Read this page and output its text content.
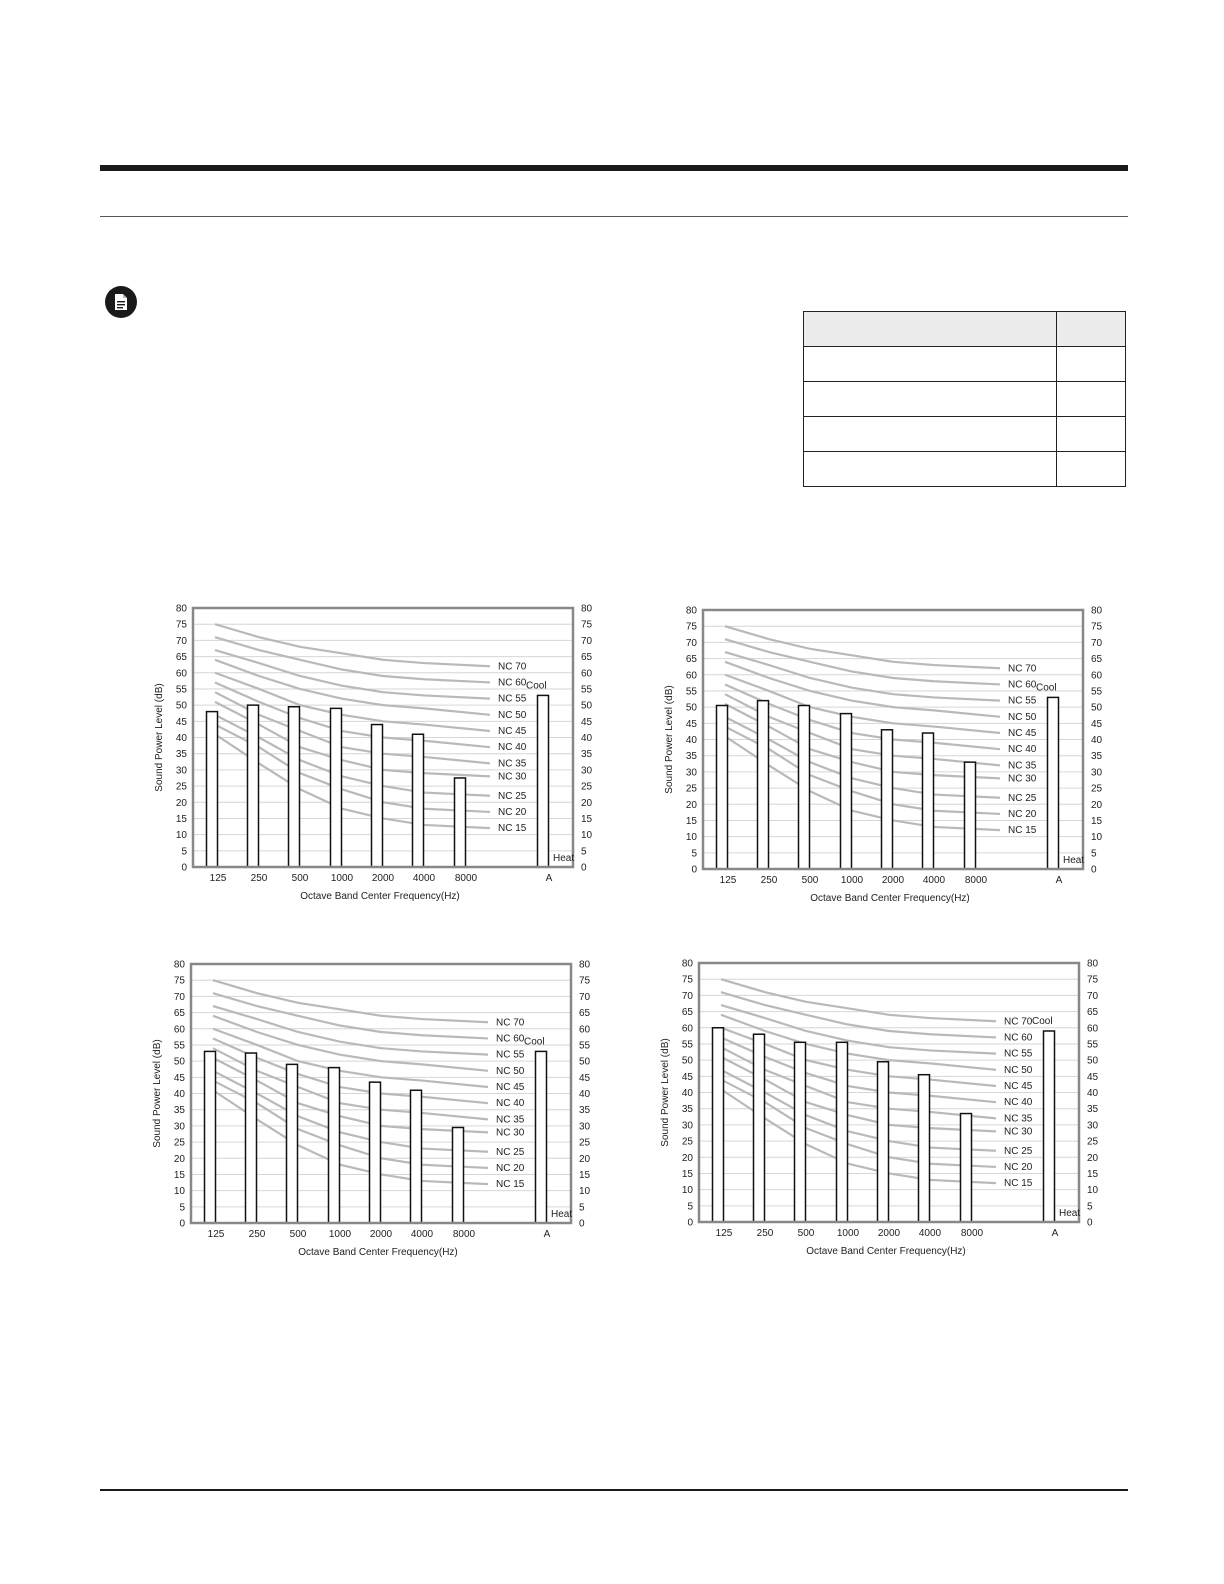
NC 70
NC 60
NC 55
NC 50
NC 45
NC 40
NC 35
NC 30
NC 25
NC 20
NC 15
0	0
5	5
10	10
15	15
20	20
25	25
30	30
35	35
40	40
45	45
50	50
55	55
60	60
65	65
70	70
75	75
80	80
125 250 500 1000 2000 4000 8000	A
Cool
Heat
Octave Band Center Frequency(Hz)
Sound Power Level (dB)
NC 70
NC 60
NC 55
NC 50
NC 45
NC 40
NC 35
NC 30
NC 25
NC 20
NC 15
0	0
5	5
10	10
15	15
20	20
25	25
30	30
35	35
40	40
45	45
50	50
55	55
60	60
65	65
70	70
75	75
80	80
125 250 500 1000 2000 4000 8000	A
Cool
Heat
Octave Band Center Frequency(Hz)
Sound Power Level (dB)
NC 70
NC 60
NC 55
NC 50
NC 45
NC 40
NC 35
NC 30
NC 25
NC 20
NC 15
0	0
5	5
10	10
15	15
20	20
25	25
30	30
35	35
40	40
45	45
50	50
55	55
60	60
65	65
70	70
75	75
80	80
125 250 500 1000 2000 4000 8000	A
Cool
Heat
Octave Band Center Frequency(Hz)
Sound Power Level (dB)
NC 70
NC 60
NC 55
NC 50
NC 45
NC 40
NC 35
NC 30
NC 25
NC 20
NC 15
0	0
5	5
10	10
15	15
20	20
25	25
30	30
35	35
40	40
45	45
50	50
55	55
60	60
65	65
70	70
75	75
80	80
125 250 500 1000 2000 4000 8000	A
Cool
Heat
Octave Band Center Frequency(Hz)
Sound Power Level (dB)
